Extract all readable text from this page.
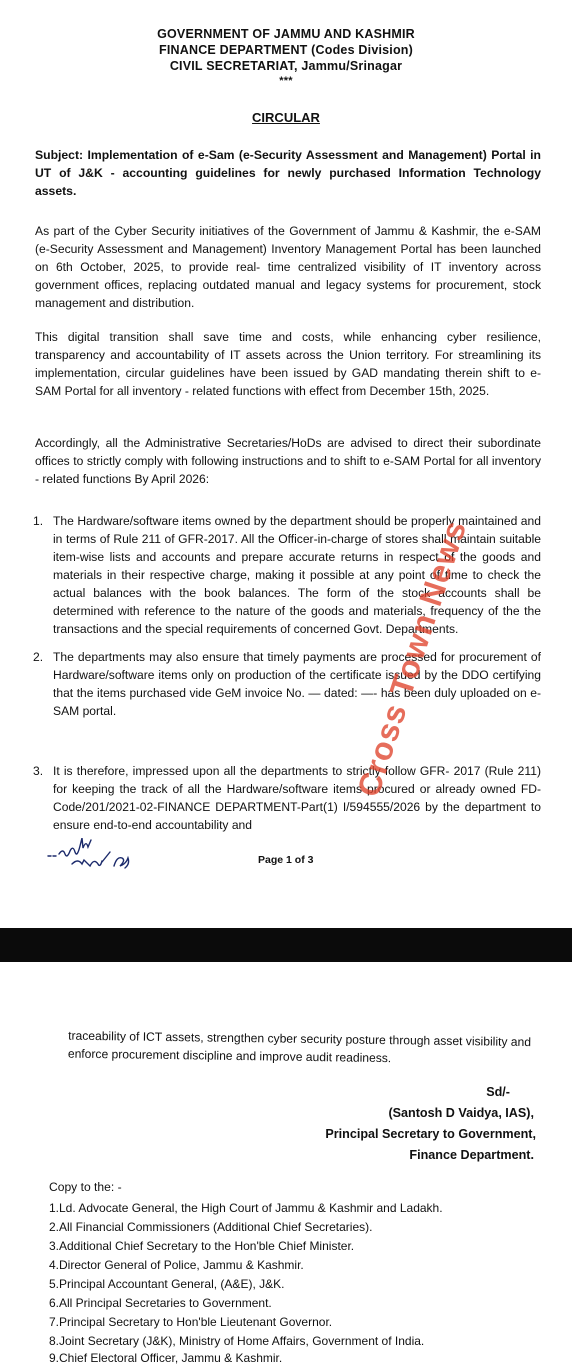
GOVERNMENT OF JAMMU AND KASHMIR
FINANCE DEPARTMENT (Codes Division)
CIVIL SECRETARIAT, Jammu/Srinagar
***
CIRCULAR
Subject: Implementation of e-Sam (e-Security Assessment and Management) Portal in UT of J&K - accounting guidelines for newly purchased Information Technology assets.
As part of the Cyber Security initiatives of the Government of Jammu & Kashmir, the e-SAM (e-Security Assessment and Management) Inventory Management Portal has been launched on 6th October, 2025, to provide real- time centralized visibility of IT inventory across government offices, replacing outdated manual and legacy systems for procurement, stock management and distribution.
This digital transition shall save time and costs, while enhancing cyber resilience, transparency and accountability of IT assets across the Union territory. For streamlining its implementation, circular guidelines have been issued by GAD mandating therein shift to e-SAM Portal for all inventory - related functions with effect from December 15th, 2025.
Accordingly, all the Administrative Secretaries/HoDs are advised to direct their subordinate offices to strictly comply with following instructions and to shift to e-SAM Portal for all inventory - related functions By April 2026:
1. The Hardware/software items owned by the department should be properly maintained and in terms of Rule 211 of GFR-2017. All the Officer-in-charge of stores shall maintain suitable item-wise lists and accounts and prepare accurate returns in respect of the goods and materials in their respective charge, making it possible at any point of time to check the actual balances with the book balances. The form of the stock accounts shall be determined with reference to the nature of the goods and materials, frequency of the the transactions and the special requirements of concerned Govt. Departments.
2. The departments may also ensure that timely payments are processed for procurement of Hardware/software items only on production of the certificate issued by the DDO certifying that the items purchased vide GeM invoice No. — dated: —- has been duly uploaded on e-SAM portal.
3. It is therefore, impressed upon all the departments to strictly follow GFR- 2017 (Rule 211) for keeping the track of all the Hardware/software items procured or already owned FD-Code/201/2021-02-FINANCE DEPARTMENT-Part(1) I/594555/2026 by the department to ensure end-to-end accountability and
Page 1 of 3
Cross Town News
traceability of ICT assets, strengthen cyber security posture through asset visibility and enforce procurement discipline and improve audit readiness.
Sd/-
(Santosh D Vaidya, IAS),
Principal Secretary to Government,
Finance Department.
Copy to the: -
1.Ld. Advocate General, the High Court of Jammu & Kashmir and Ladakh.
2.All Financial Commissioners (Additional Chief Secretaries).
3.Additional Chief Secretary to the Hon'ble Chief Minister.
4.Director General of Police, Jammu & Kashmir.
5.Principal Accountant General, (A&E), J&K.
6.All Principal Secretaries to Government.
7.Principal Secretary to Hon'ble Lieutenant Governor.
8.Joint Secretary (J&K), Ministry of Home Affairs, Government of India.
9.Chief Electoral Officer, Jammu & Kashmir.
